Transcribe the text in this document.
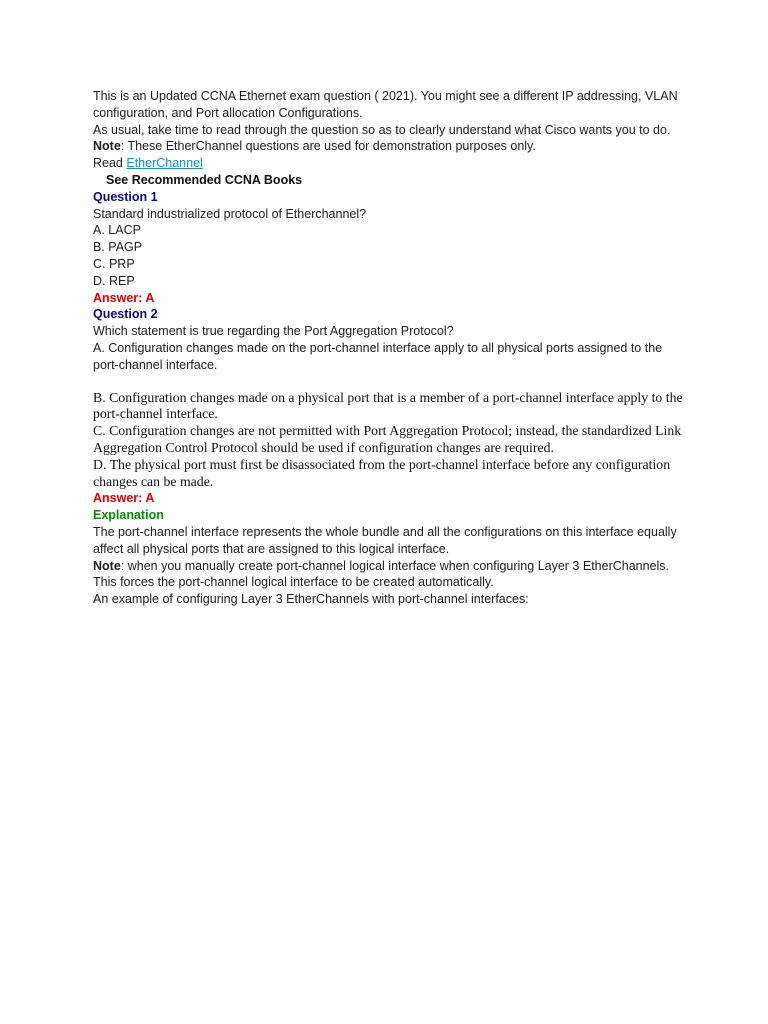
This is an Updated CCNA Ethernet exam question ( 2021). You might see a different IP addressing, VLAN configuration, and Port allocation Configurations.

As usual, take time to read through the question so as to clearly understand what Cisco wants you to do.

Note: These EtherChannel questions are used for demonstration purposes only.

Read EtherChannel

See Recommended CCNA Books

Question 1

Standard industrialized protocol of Etherchannel?

A. LACP

B. PAGP

C. PRP

D. REP

Answer: A

Question 2

Which statement is true regarding the Port Aggregation Protocol?

A. Configuration changes made on the port-channel interface apply to all physical ports assigned to the port-channel interface.

B. Configuration changes made on a physical port that is a member of a port-channel interface apply to the port-channel interface.

C. Configuration changes are not permitted with Port Aggregation Protocol; instead, the standardized Link Aggregation Control Protocol should be used if configuration changes are required.

D. The physical port must first be disassociated from the port-channel interface before any configuration changes can be made.

Answer: A

Explanation

The port-channel interface represents the whole bundle and all the configurations on this interface equally affect all physical ports that are assigned to this logical interface.

Note: when you manually create port-channel logical interface when configuring Layer 3 EtherChannels.

This forces the port-channel logical interface to be created automatically.

An example of configuring Layer 3 EtherChannels with port-channel interfaces:
